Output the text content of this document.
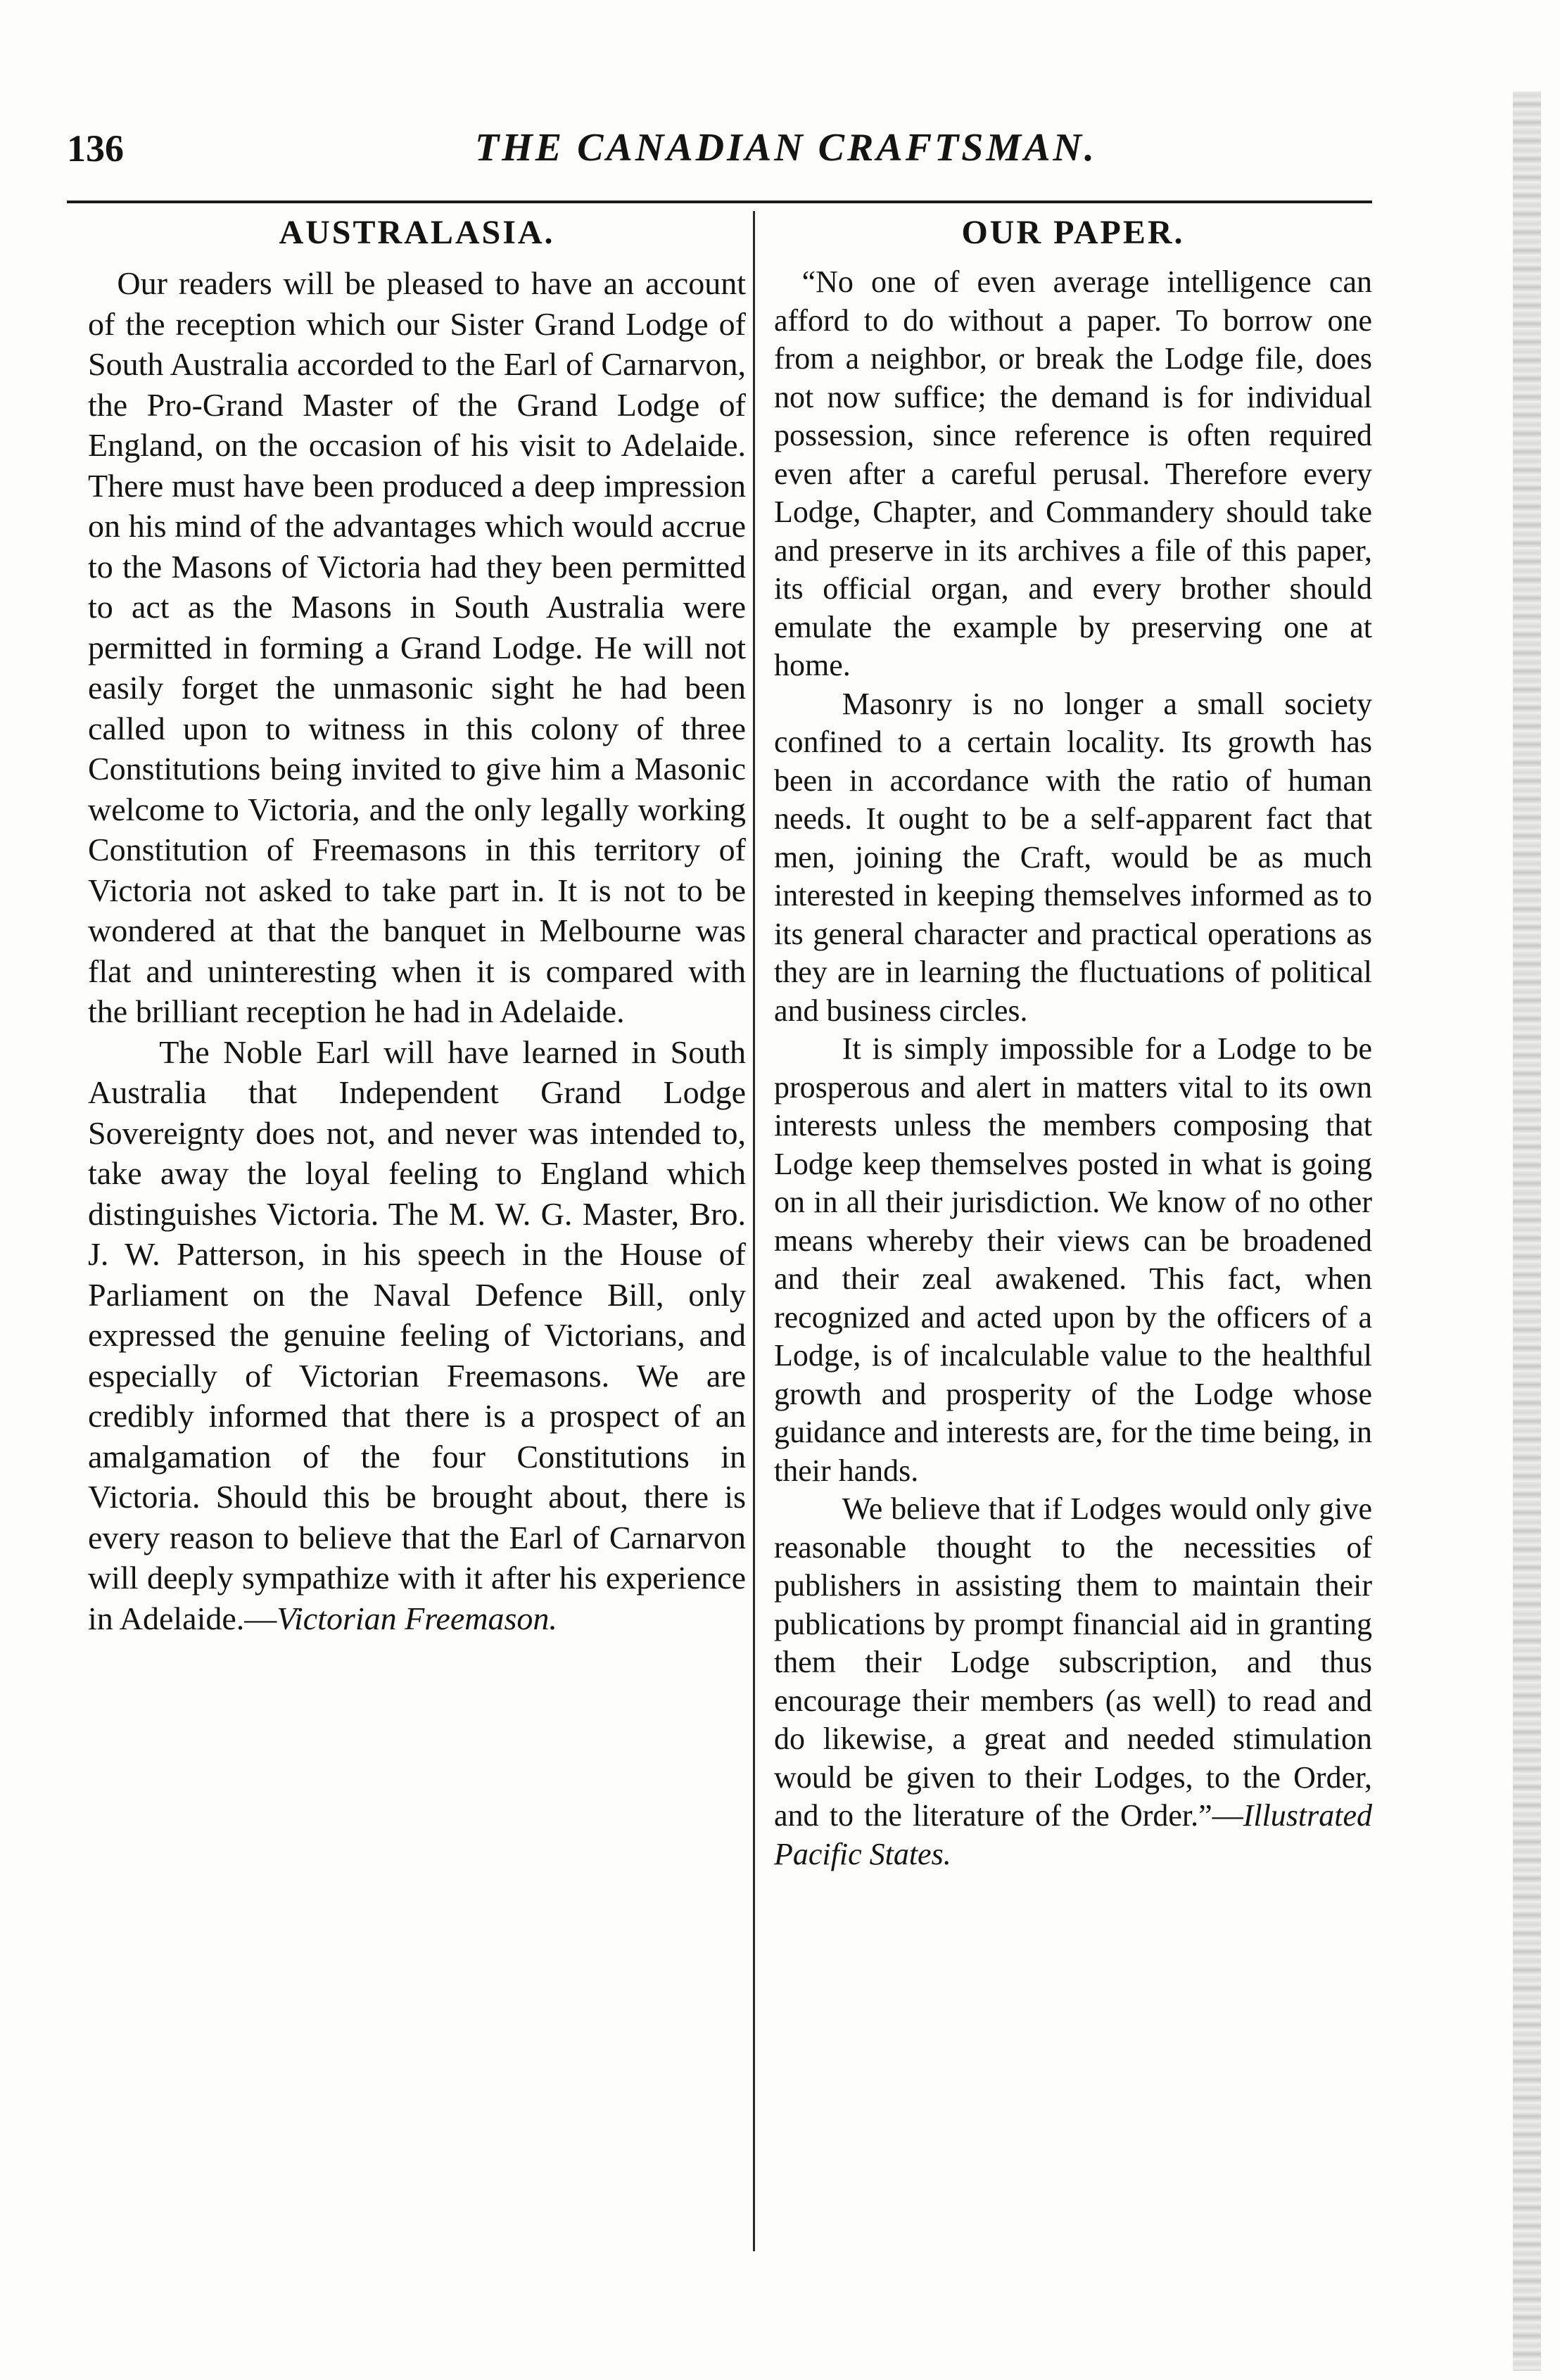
136	THE CANADIAN CRAFTSMAN.

AUSTRALASIA.

Our readers will be pleased to have an account of the reception which our Sister Grand Lodge of South Australia accorded to the Earl of Carnarvon, the Pro-Grand Master of the Grand Lodge of England, on the occasion of his visit to Adelaide. There must have been produced a deep impression on his mind of the advantages which would accrue to the Masons of Victoria had they been permitted to act as the Masons in South Australia were permitted in forming a Grand Lodge. He will not easily forget the unmasonic sight he had been called upon to witness in this colony of three Constitutions being invited to give him a Masonic welcome to Victoria, and the only legally working Constitution of Freemasons in this territory of Victoria not asked to take part in. It is not to be wondered at that the banquet in Melbourne was flat and uninteresting when it is compared with the brilliant reception he had in Adelaide.

The Noble Earl will have learned in South Australia that Independent Grand Lodge Sovereignty does not, and never was intended to, take away the loyal feeling to England which distinguishes Victoria. The M. W. G. Master, Bro. J. W. Patterson, in his speech in the House of Parliament on the Naval Defence Bill, only expressed the genuine feeling of Victorians, and especially of Victorian Freemasons. We are credibly informed that there is a prospect of an amalgamation of the four Constitutions in Victoria. Should this be brought about, there is every reason to believe that the Earl of Carnarvon will deeply sympathize with it after his experience in Adelaide.—Victorian Freemason.

OUR PAPER.

“No one of even average intelligence can afford to do without a paper. To borrow one from a neighbor, or break the Lodge file, does not now suffice; the demand is for individual possession, since reference is often required even after a careful perusal. Therefore every Lodge, Chapter, and Commandery should take and preserve in its archives a file of this paper, its official organ, and every brother should emulate the example by preserving one at home.

Masonry is no longer a small society confined to a certain locality. Its growth has been in accordance with the ratio of human needs. It ought to be a self-apparent fact that men, joining the Craft, would be as much interested in keeping themselves informed as to its general character and practical operations as they are in learning the fluctuations of political and business circles.

It is simply impossible for a Lodge to be prosperous and alert in matters vital to its own interests unless the members composing that Lodge keep themselves posted in what is going on in all their jurisdiction. We know of no other means whereby their views can be broadened and their zeal awakened. This fact, when recognized and acted upon by the officers of a Lodge, is of incalculable value to the healthful growth and prosperity of the Lodge whose guidance and interests are, for the time being, in their hands.

We believe that if Lodges would only give reasonable thought to the necessities of publishers in assisting them to maintain their publications by prompt financial aid in granting them their Lodge subscription, and thus encourage their members (as well) to read and do likewise, a great and needed stimulation would be given to their Lodges, to the Order, and to the literature of the Order.”—Illustrated Pacific States.
